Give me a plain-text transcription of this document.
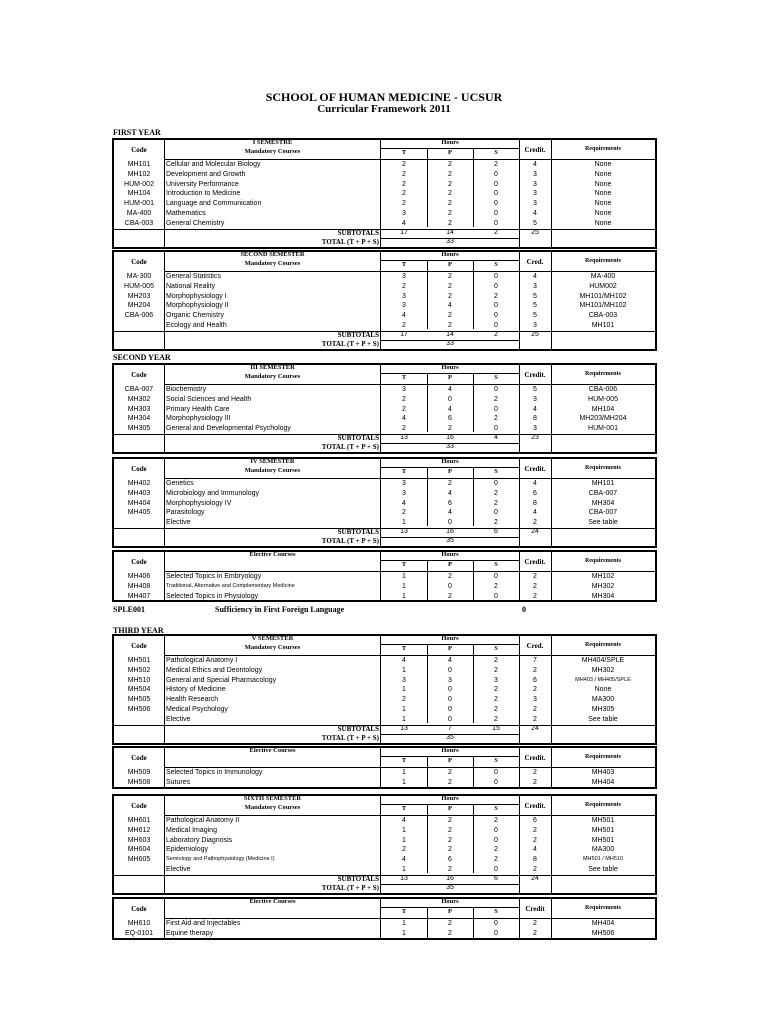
SCHOOL OF HUMAN MEDICINE - UCSUR
Curricular Framework 2011
FIRST YEAR
SECOND YEAR
THIRD YEAR
SPLE001	Sufficiency in First Foreign Language	0
Code
I SEMESTRE
Mandatory Courses
Hours
T	P	S	Credit.	Requirements
MH101	Cellular and Molecular Biology	2	2	2	4	None
MH102	Development and Growth	2	2	0	3	None
HUM-002	University Performance	2	2	0	3	None
MH104	Introduction to Medicine	2	2	0	3	None
HUM-001	Language and Communication	2	2	0	3	None
MA-400	Mathematics	3	2	0	4	None
CBA-003	General Chemistry	4	2	0	5	None
SUBTOTALS	17	14	2	25
TOTAL (T + P + S)	33
Code
SECOND SEMESTER
Mandatory Courses
Hours
T	P	S	Cred.	Requirements
MA-300	General Statistics	3	2	0	4	MA-400
HUM-005	National Reality	2	2	0	3	HUM002
MH203	Morphophysiology I	3	2	2	5	MH101/MH102
MH204	Morphophysiology II	3	4	0	5	MH101/MH102
CBA-006	Organic Chemistry	4	2	0	5	CBA-003
Ecology and Health	2	2	0	3	MH101
SUBTOTALS	17	14	2	25
TOTAL (T + P + S)	33
Code
III SEMESTER
Mandatory Courses
Hours
T	P	S	Credit.	Requirements
CBA-007	Biochemistry	3	4	0	5	CBA-006
MH302	Social Sciences and Health	2	0	2	3	HUM-005
MH303	Primary Health Care	2	4	0	4	MH104
MH304	Morphophysiology III	4	6	2	8	MH203/MH204
MH305	General and Developmental Psychology	2	2	0	3	HUM-001
SUBTOTALS	13	16	4	23
TOTAL (T + P + S)	33
Code
IV SEMESTER
Mandatory Courses
Hours
T	P	S	Credit.	Requirements
MH402	Genetics	3	2	0	4	MH101
MH403	Microbiology and Immunology	3	4	2	6	CBA-007
MH404	Morphophysiology IV	4	6	2	8	MH304
MH405	Parasitology	2	4	0	4	CBA-007
Elective	1	0	2	2	See table
SUBTOTALS	13	16	6	24
TOTAL (T + P + S)	35
Code
Elective Courses	Hours
T	P	S	Credit.	Requirements
MH406	Selected Topics in Embryology	1	2	0	2	MH102
MH408	Traditional, Alternative and Complementary Medicine	1	0	2	2	MH302
MH407	Selected Topics in Physiology	1	2	0	2	MH304
Code
V SEMESTER
Mandatory Courses
Hours
T	P	S	Cred.	Requirements
MH501	Pathological Anatomy I	4	4	2	7	MH404/SPLE
MH502	Medical Ethics and Deontology	1	0	2	2	MH302
MH510	General and Special Pharmacology	3	3	3	6	MH403 / MH405/SPLE
MH504	History of Medicine	1	0	2	2	None
MH505	Health Research	2	0	2	3	MA300
MH506	Medical Psychology	1	0	2	2	MH305
Elective	1	0	2	2	See table
SUBTOTALS	13	7	15	24
TOTAL (T + P + S)	35
Code
Elective Courses	Hours
T	P	S	Credit.	Requirements
MH509	Selected Topics in Immunology	1	2	0	2	MH403
MH508	Sutures	1	2	0	2	MH404
Code
SIXTH SEMESTER
Mandatory Courses
Hours
T	P	S	Credit.	Requirements
MH601	Pathological Anatomy II	4	2	2	6	MH501
MH612	Medical Imaging	1	2	0	2	MH501
MH603	Laboratory Diagnosis	1	2	0	2	MH501
MH604	Epidemiology	2	2	2	4	MA300
MH605	Semiology and Pathophysiology (Medicine I)	4	6	2	8	MH501 / MH510
Elective	1	2	0	2	See table
SUBTOTALS	13	16	6	24
TOTAL (T + P + S)	35
Code
Elective Courses	Hours
T	P	S	Credit	Requirements
MH610	First Aid and Injectables	1	2	0	2	MH404
EQ-0101	Equine therapy	1	2	0	2	MH506
